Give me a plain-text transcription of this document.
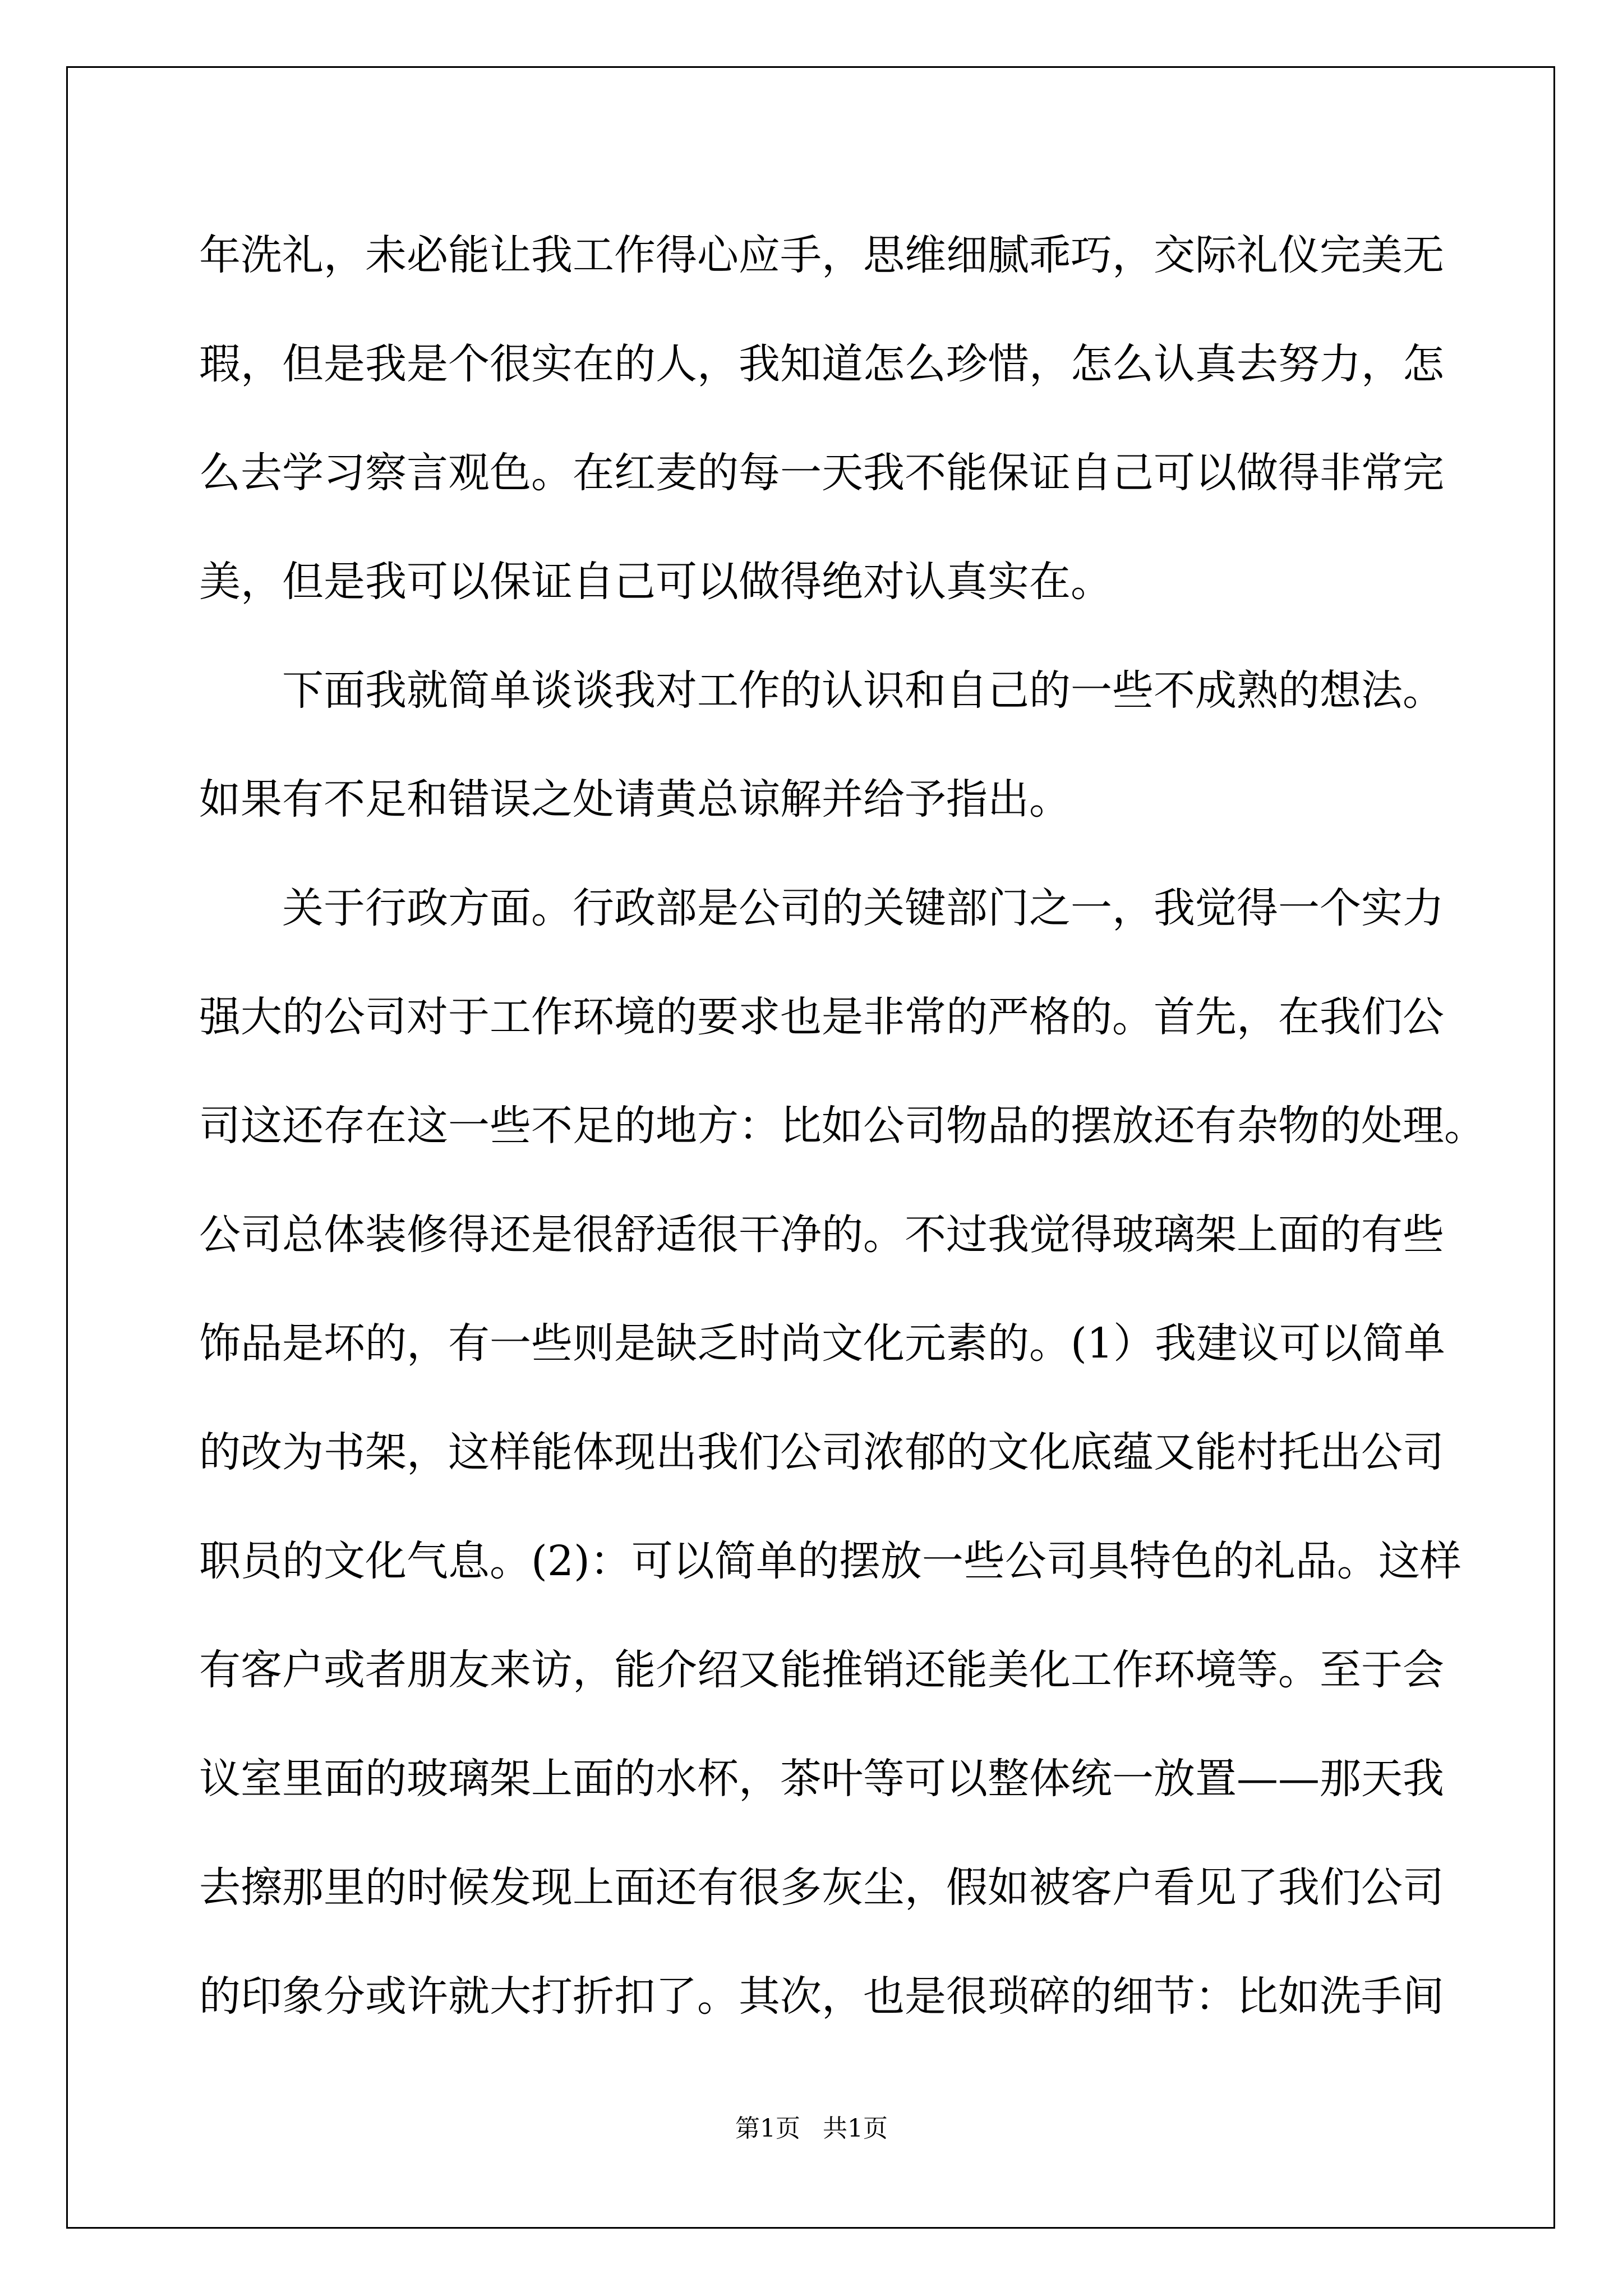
年洗礼，未必能让我工作得心应手，思维细腻乖巧，交际礼仪完美无
瑕，但是我是个很实在的人，我知道怎么珍惜，怎么认真去努力，怎
么去学习察言观色。在红麦的每一天我不能保证自己可以做得非常完
美，但是我可以保证自己可以做得绝对认真实在。
下面我就简单谈谈我对工作的认识和自己的一些不成熟的想法。
如果有不足和错误之处请黄总谅解并给予指出。
关于行政方面。行政部是公司的关键部门之一，我觉得一个实力
强大的公司对于工作环境的要求也是非常的严格的。首先，在我们公
司这还存在这一些不足的地方：比如公司物品的摆放还有杂物的处理。
公司总体装修得还是很舒适很干净的。不过我觉得玻璃架上面的有些
饰品是坏的，有一些则是缺乏时尚文化元素的。(1）我建议可以简单
的改为书架，这样能体现出我们公司浓郁的文化底蕴又能村托出公司
职员的文化气息。(2)：可以简单的摆放一些公司具特色的礼品。这样
有客户或者朋友来访，能介绍又能推销还能美化工作环境等。至于会
议室里面的玻璃架上面的水杯，茶叶等可以整体统一放置——那天我
去擦那里的时候发现上面还有很多灰尘，假如被客户看见了我们公司
的印象分或许就大打折扣了。其次，也是很琐碎的细节：比如洗手间
第1页 共1页
